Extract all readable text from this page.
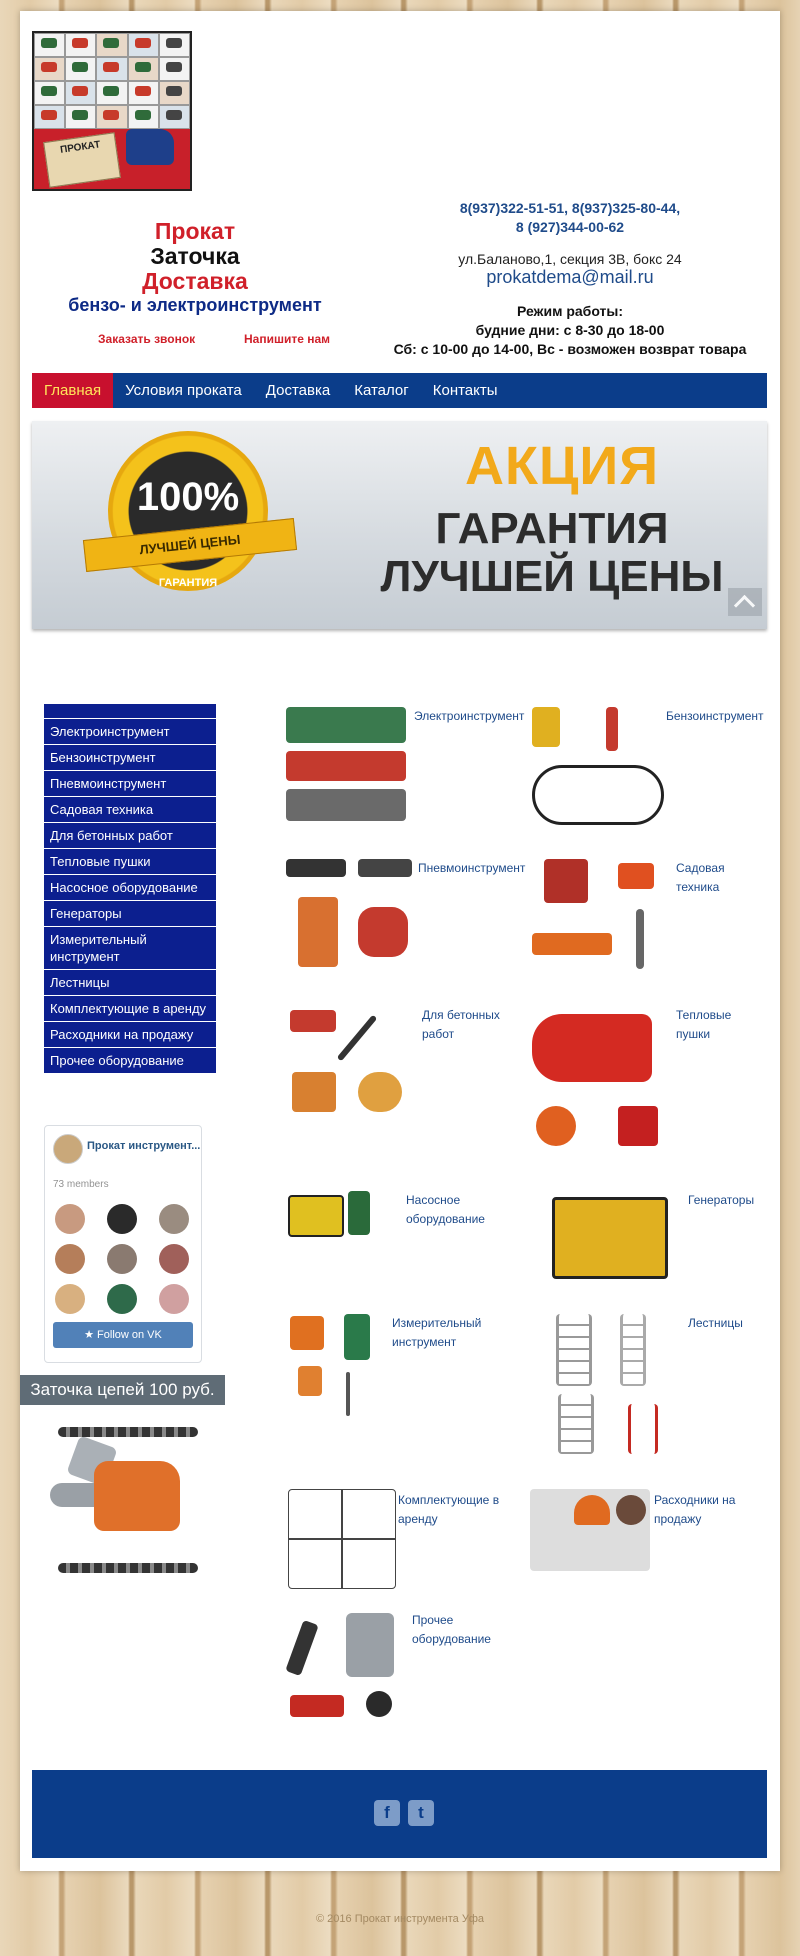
ПРОКАТ
Прокат
Заточка
Доставка
бензо- и электроинструмент
Заказать звонок	Напишите нам
8(937)322-51-51, 8(937)325-80-44,
8 (927)344-00-62
ул.Баланово,1, секция 3В, бокс 24
prokatdema@mail.ru
Режим работы:
будние дни: с 8-30 до 18-00
Сб: с 10-00 до 14-00, Вс - возможен возврат товара
Главная	Условия проката	Доставка	Каталог	Контакты
100%
ГАРАНТИЯ
ЛУЧШЕЙ ЦЕНЫ
АКЦИЯ
ГАРАНТИЯ
ЛУЧШЕЙ ЦЕНЫ
Электроинструмент
Бензоинструмент
Пневмоинструмент
Садовая техника
Для бетонных работ
Тепловые пушки
Насосное оборудование
Генераторы
Измерительный инструмент
Лестницы
Комплектующие в аренду
Расходники на продажу
Прочее оборудование
Прокат инструмент...
73 members
★ Follow on VK
Заточка цепей 100 руб.
Электроинструмент	Бензоинструмент
Пневмоинструмент	Садовая техника
Для бетонных работ
Тепловые пушки
Насосное оборудование
Генераторы
Измерительный инструмент
Лестницы
Комплектующие в аренду
Расходники на продажу
Прочее оборудование
f	t
© 2016 Прокат инструмента Уфа
